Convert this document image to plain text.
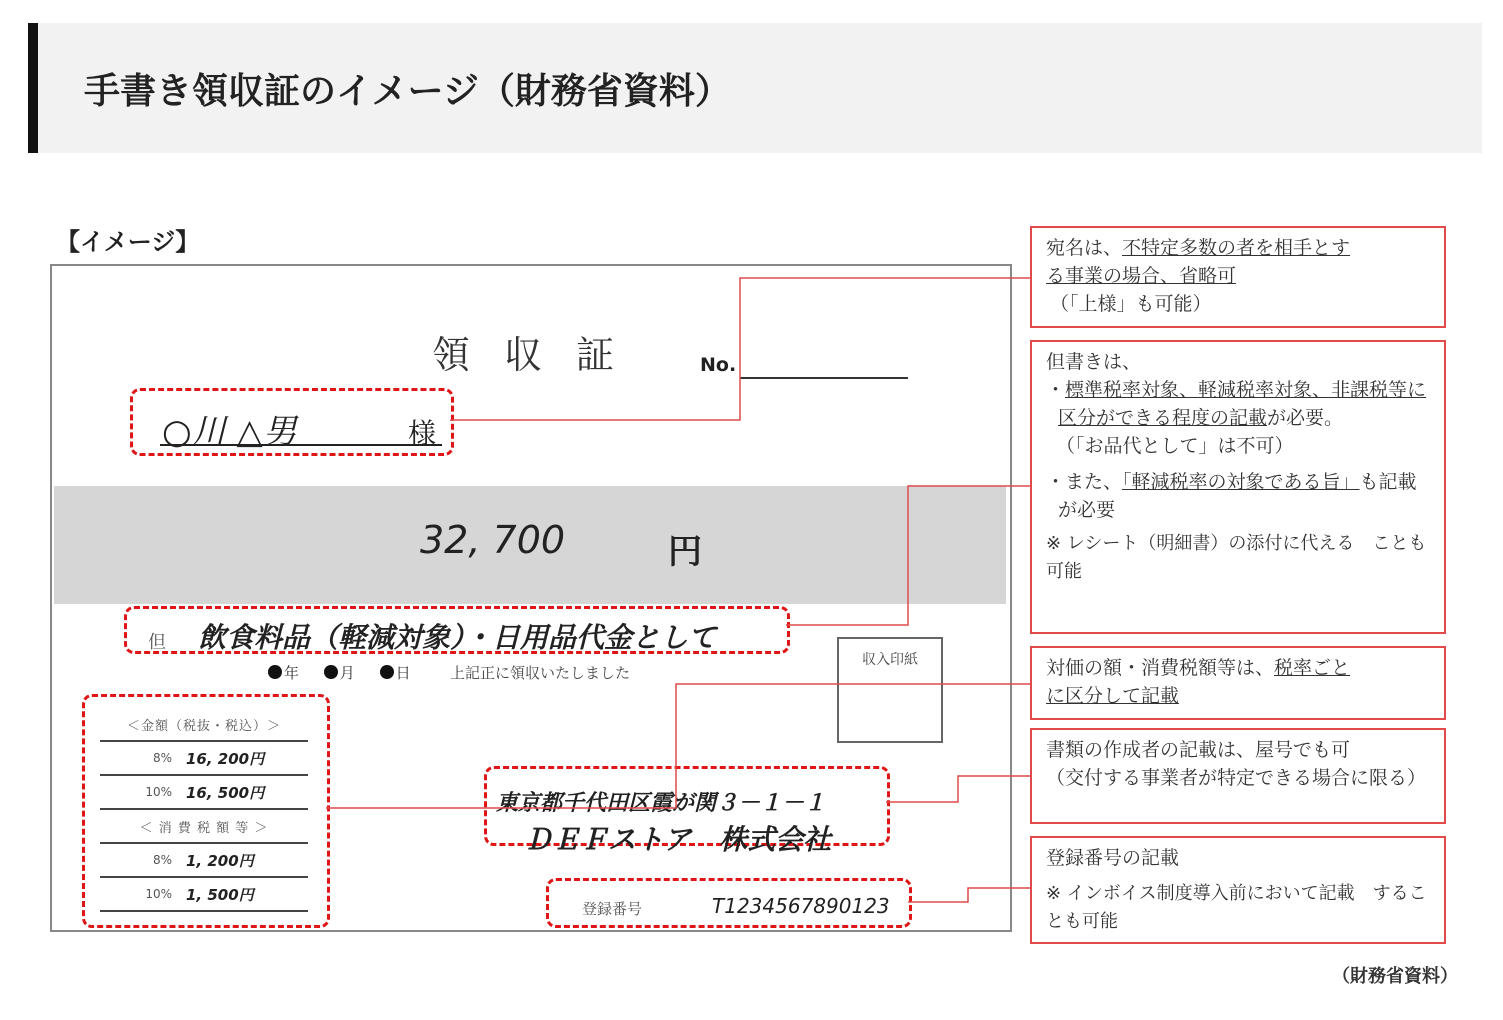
手書き領収証のイメージ（財務省資料）
【イメージ】
領収証	No.
○川 △男	様
32, 700	円
但 飲食料品（軽減対象）・日用品代金として
年	月	日	上記正に領収いたしました
収入印紙
＜金額（税抜・税込）＞
8% 16, 200円
10% 16, 500円
＜ 消 費 税 額 等 ＞
8% 1, 200円
10% 1, 500円
東京都千代田区霞が関３－１－１
ＤＥＦストア　株式会社
登録番号	T1234567890123
宛名は、不特定多数の者を相手とす
る事業の場合、省略可
（「上様」も可能）
但書きは、
・標準税率対象、軽減税率対象、非課税等に区分ができる程度の記載が必要。
（「お品代として」は不可）
・また、「軽減税率の対象である旨」も記載が必要
※ レシート（明細書）の添付に代える　ことも可能
対価の額・消費税額等は、税率ごと
に区分して記載
書類の作成者の記載は、屋号でも可
（交付する事業者が特定できる場合に限る）
登録番号の記載
※ インボイス制度導入前において記載　することも可能
（財務省資料）
